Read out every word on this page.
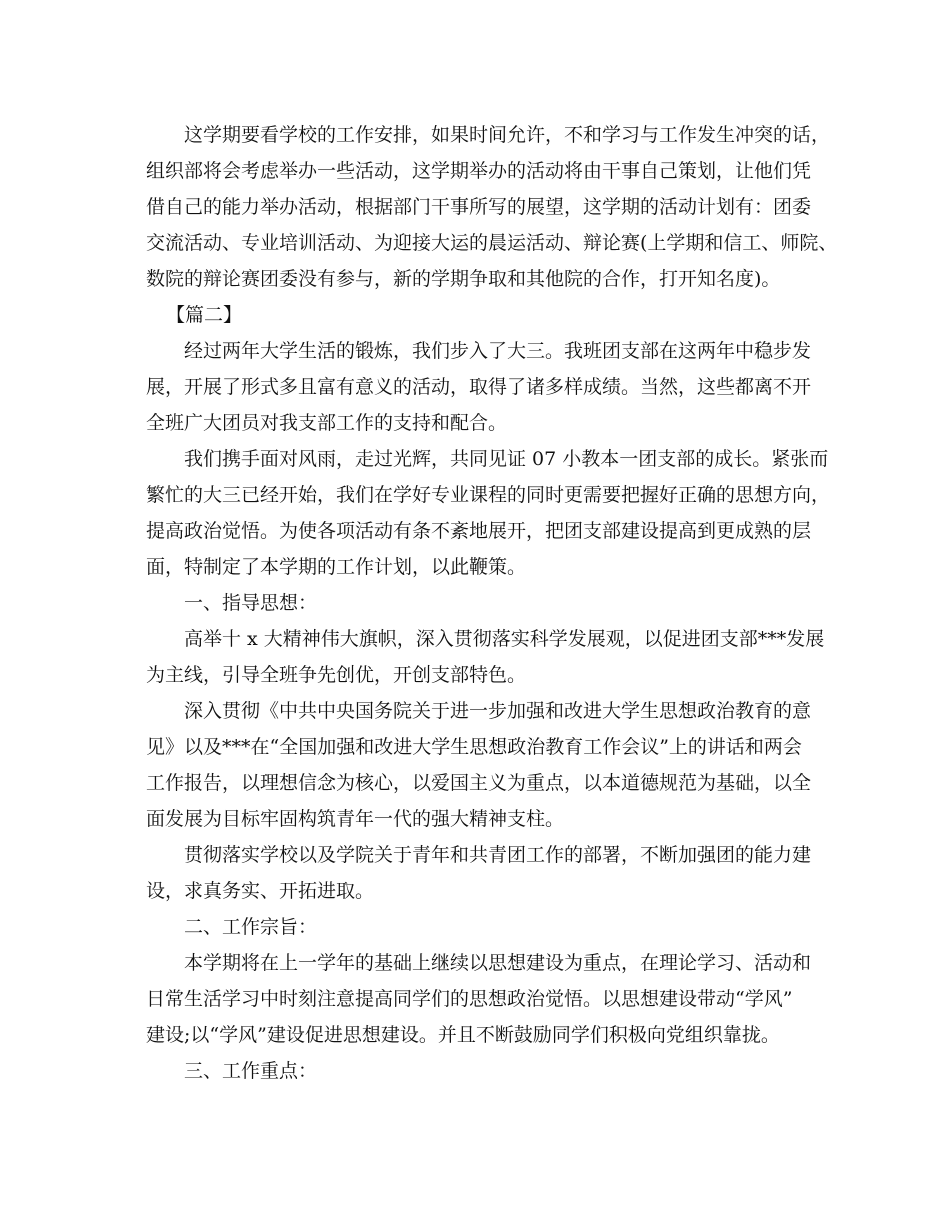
这学期要看学校的工作安排，如果时间允许，不和学习与工作发生冲突的话，
组织部将会考虑举办一些活动，这学期举办的活动将由干事自己策划，让他们凭
借自己的能力举办活动，根据部门干事所写的展望，这学期的活动计划有：团委
交流活动、专业培训活动、为迎接大运的晨运活动、辩论赛(上学期和信工、师院、
数院的辩论赛团委没有参与，新的学期争取和其他院的合作，打开知名度)。
【篇二】
经过两年大学生活的锻炼，我们步入了大三。我班团支部在这两年中稳步发
展，开展了形式多且富有意义的活动，取得了诸多样成绩。当然，这些都离不开
全班广大团员对我支部工作的支持和配合。
我们携手面对风雨，走过光辉，共同见证 07 小教本一团支部的成长。紧张而
繁忙的大三已经开始，我们在学好专业课程的同时更需要把握好正确的思想方向，
提高政治觉悟。为使各项活动有条不紊地展开，把团支部建设提高到更成熟的层
面，特制定了本学期的工作计划，以此鞭策。
一、指导思想：
高举十 x 大精神伟大旗帜，深入贯彻落实科学发展观，以促进团支部***发展
为主线，引导全班争先创优，开创支部特色。
深入贯彻《中共中央国务院关于进一步加强和改进大学生思想政治教育的意
见》以及***在“全国加强和改进大学生思想政治教育工作会议”上的讲话和两会
工作报告，以理想信念为核心，以爱国主义为重点，以本道德规范为基础，以全
面发展为目标牢固构筑青年一代的强大精神支柱。
贯彻落实学校以及学院关于青年和共青团工作的部署，不断加强团的能力建
设，求真务实、开拓进取。
二、工作宗旨：
本学期将在上一学年的基础上继续以思想建设为重点，在理论学习、活动和
日常生活学习中时刻注意提高同学们的思想政治觉悟。以思想建设带动“学风”
建设;以“学风”建设促进思想建设。并且不断鼓励同学们积极向党组织靠拢。
三、工作重点：
